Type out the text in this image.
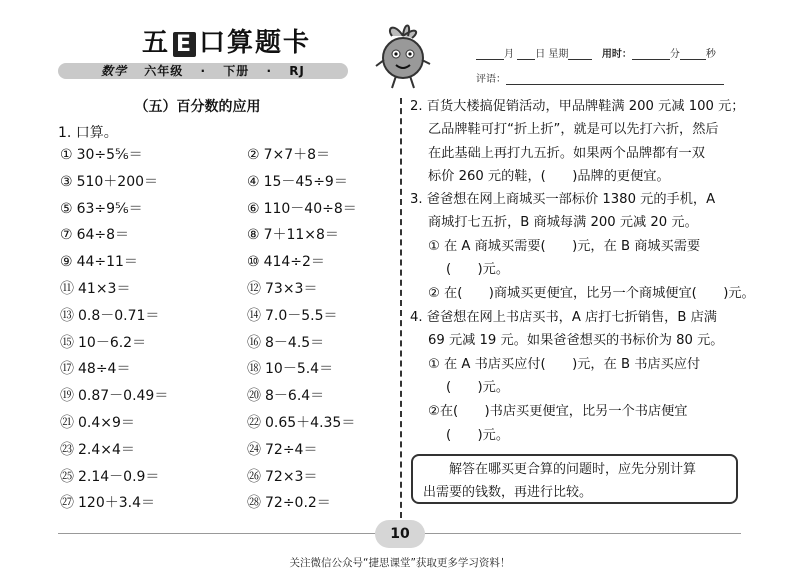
五 E 口算题卡
数学 六年级 · 下册 · RJ
月 日 星期	用时：	分	秒
评语：
（五）百分数的应用
1. 口算。
① 30÷5⅚＝	② 7×7＋8＝
③ 510＋200＝	④ 15－45÷9＝
⑤ 63÷9⅚＝	⑥ 110－40÷8＝
⑦ 64÷8＝	⑧ 7＋11×8＝
⑨ 44÷11＝	⑩ 414÷2＝
⑪ 41×3＝	⑫ 73×3＝
⑬ 0.8－0.71＝	⑭ 7.0－5.5＝
⑮ 10－6.2＝	⑯ 8－4.5＝
⑰ 48÷4＝	⑱ 10－5.4＝
⑲ 0.87－0.49＝	⑳ 8－6.4＝
㉑ 0.4×9＝	㉒ 0.65＋4.35＝
㉓ 2.4×4＝	㉔ 72÷4＝
㉕ 2.14－0.9＝	㉖ 72×3＝
㉗ 120＋3.4＝	㉘ 72÷0.2＝
2. 百货大楼搞促销活动，甲品牌鞋满 200 元减 100 元；
乙品牌鞋可打“折上折”，就是可以先打六折，然后
在此基础上再打九五折。如果两个品牌都有一双
标价 260 元的鞋，(　　)品牌的更便宜。
3. 爸爸想在网上商城买一部标价 1380 元的手机，A
商城打七五折，B 商城每满 200 元减 20 元。
① 在 A 商城买需要(　　)元，在 B 商城买需要
(　　)元。
② 在(　　)商城买更便宜，比另一个商城便宜(　　)元。
4. 爸爸想在网上书店买书，A 店打七折销售，B 店满
69 元减 19 元。如果爸爸想买的书标价为 80 元。
① 在 A 书店买应付(　　)元，在 B 书店买应付
(　　)元。
②在(　　)书店买更便宜，比另一个书店便宜
(　　)元。
解答在哪买更合算的问题时，应先分别计算
出需要的钱数，再进行比较。
10
关注微信公众号“捷思课堂”获取更多学习资料！
